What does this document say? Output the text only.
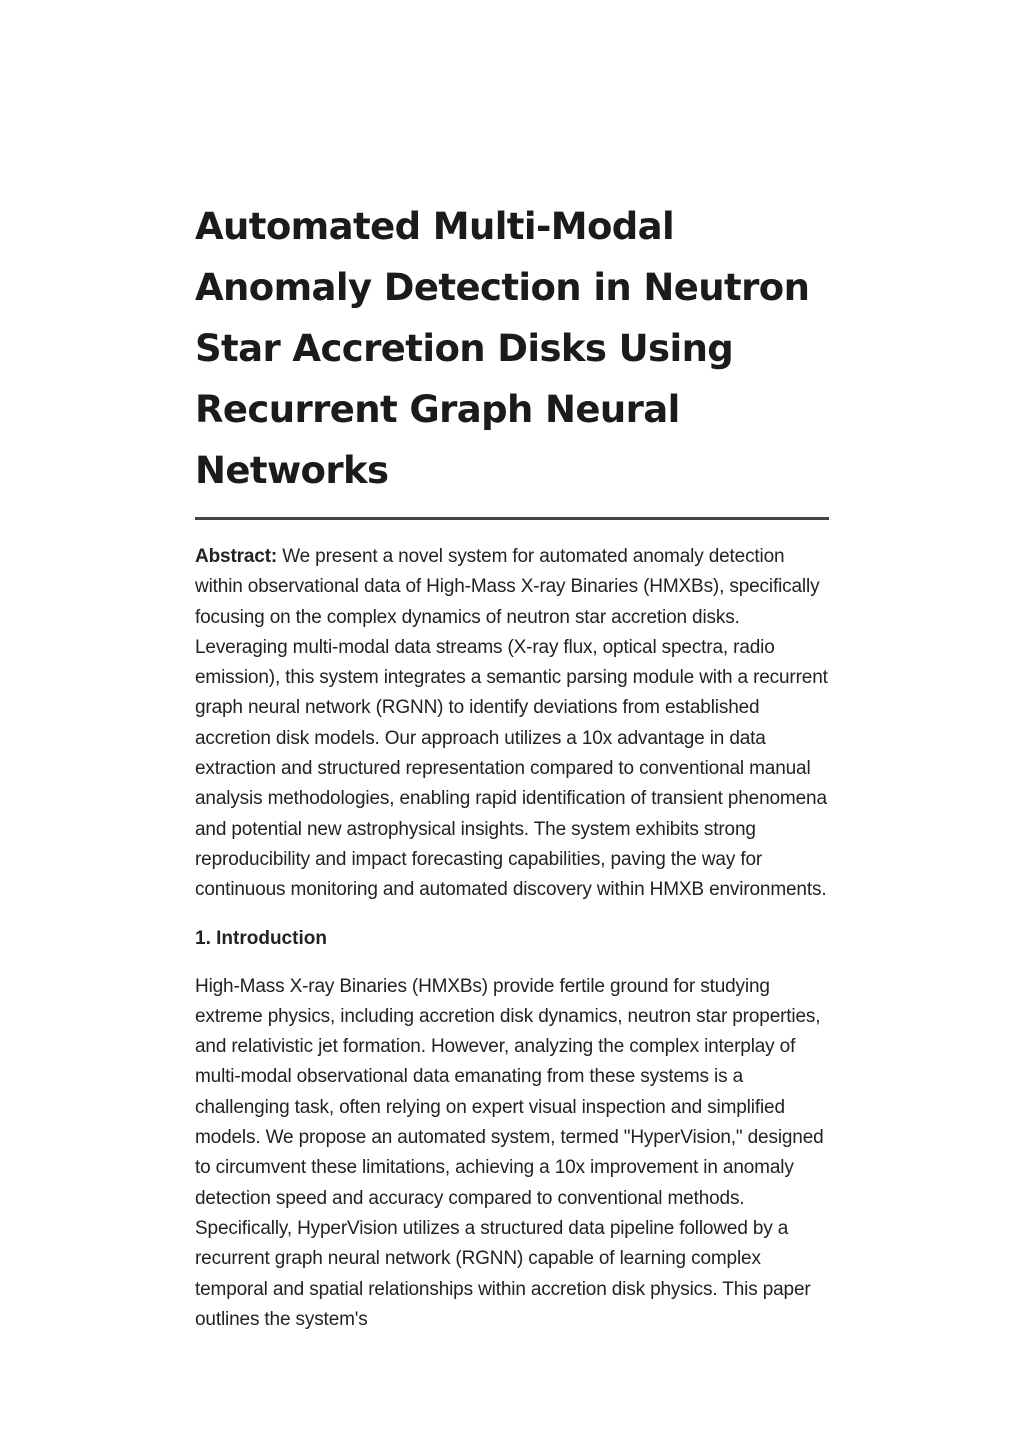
Automated Multi-Modal Anomaly Detection in Neutron Star Accretion Disks Using Recurrent Graph Neural Networks

Abstract: We present a novel system for automated anomaly detection within observational data of High-Mass X-ray Binaries (HMXBs), specifically focusing on the complex dynamics of neutron star accretion disks. Leveraging multi-modal data streams (X-ray flux, optical spectra, radio emission), this system integrates a semantic parsing module with a recurrent graph neural network (RGNN) to identify deviations from established accretion disk models. Our approach utilizes a 10x advantage in data extraction and structured representation compared to conventional manual analysis methodologies, enabling rapid identification of transient phenomena and potential new astrophysical insights. The system exhibits strong reproducibility and impact forecasting capabilities, paving the way for continuous monitoring and automated discovery within HMXB environments.

1. Introduction

High-Mass X-ray Binaries (HMXBs) provide fertile ground for studying extreme physics, including accretion disk dynamics, neutron star properties, and relativistic jet formation. However, analyzing the complex interplay of multi-modal observational data emanating from these systems is a challenging task, often relying on expert visual inspection and simplified models. We propose an automated system, termed "HyperVision," designed to circumvent these limitations, achieving a 10x improvement in anomaly detection speed and accuracy compared to conventional methods. Specifically, HyperVision utilizes a structured data pipeline followed by a recurrent graph neural network (RGNN) capable of learning complex temporal and spatial relationships within accretion disk physics. This paper outlines the system's
